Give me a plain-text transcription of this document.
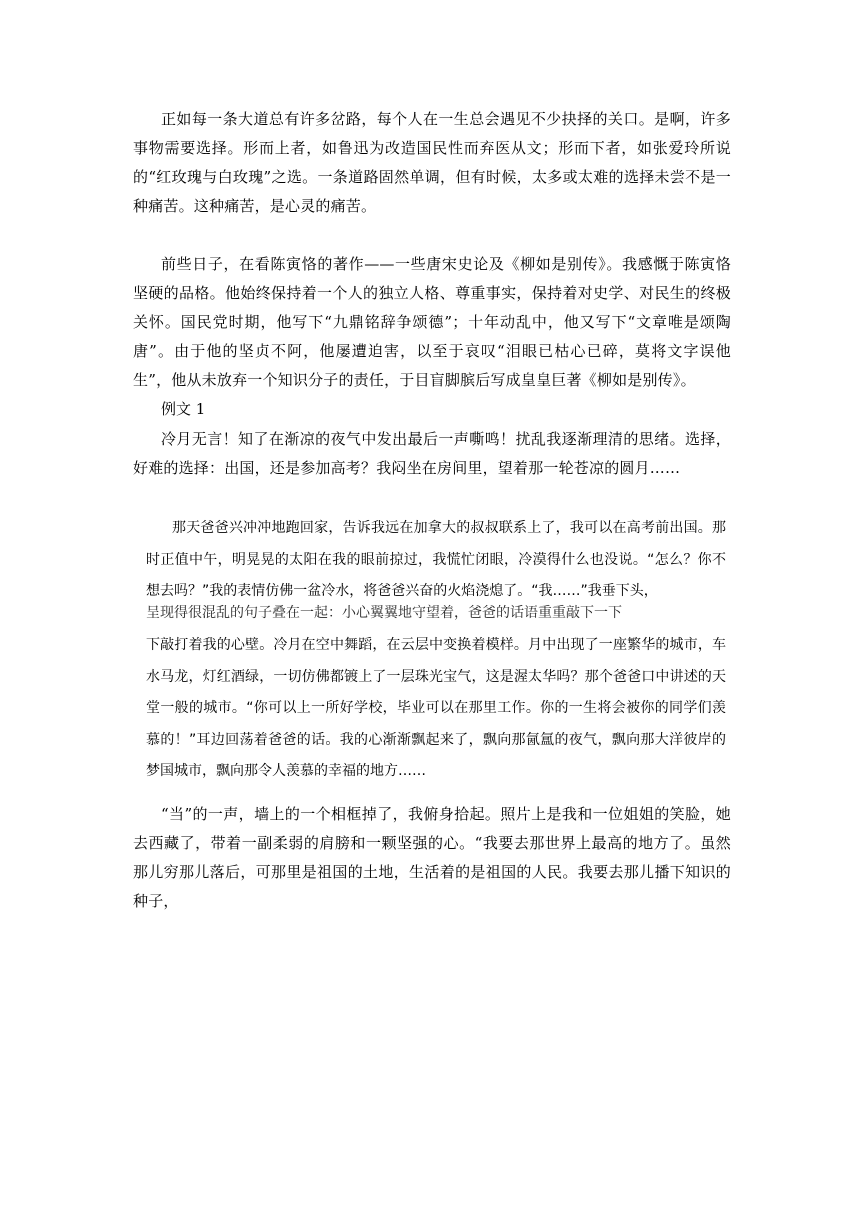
正如每一条大道总有许多岔路，每个人在一生总会遇见不少抉择的关口。是啊，许多事物需要选择。形而上者，如鲁迅为改造国民性而弃医从文；形而下者，如张爱玲所说的“红玫瑰与白玫瑰”之选。一条道路固然单调，但有时候，太多或太难的选择未尝不是一种痛苦。这种痛苦，是心灵的痛苦。

前些日子，在看陈寅恪的著作——一些唐宋史论及《柳如是别传》。我感慨于陈寅恪坚硬的品格。他始终保持着一个人的独立人格、尊重事实，保持着对史学、对民生的终极关怀。国民党时期，他写下“九鼎铭辞争颂德”；十年动乱中，他又写下“文章唯是颂陶唐”。由于他的坚贞不阿，他屡遭迫害，以至于哀叹“泪眼已枯心已碎，莫将文字误他生”，他从未放弃一个知识分子的责任，于目盲脚膑后写成皇皇巨著《柳如是别传》。

例文 1

冷月无言！知了在渐凉的夜气中发出最后一声嘶鸣！扰乱我逐渐理清的思绪。选择，好难的选择：出国，还是参加高考？我闷坐在房间里，望着那一轮苍凉的圆月……

那天爸爸兴冲冲地跑回家，告诉我远在加拿大的叔叔联系上了，我可以在高考前出国。那时正值中午，明晃晃的太阳在我的眼前掠过，我慌忙闭眼，冷漠得什么也没说。“怎么？你不想去吗？”我的表情仿佛一盆冷水，将爸爸兴奋的火焰浇熄了。“我……”我垂下头，

呈现得很混乱的句子叠在一起：小心翼翼地守望着，爸爸的话语重重敲下一下

下敲打着我的心壁。冷月在空中舞蹈，在云层中变换着模样。月中出现了一座繁华的城市，车水马龙，灯红酒绿，一切仿佛都镀上了一层珠光宝气，这是渥太华吗？那个爸爸口中讲述的天堂一般的城市。“你可以上一所好学校，毕业可以在那里工作。你的一生将会被你的同学们羡慕的！”耳边回荡着爸爸的话。我的心渐渐飘起来了，飘向那氤氲的夜气，飘向那大洋彼岸的梦国城市，飘向那令人羡慕的幸福的地方……

“当”的一声，墙上的一个相框掉了，我俯身拾起。照片上是我和一位姐姐的笑脸，她去西藏了，带着一副柔弱的肩膀和一颗坚强的心。“我要去那世界上最高的地方了。虽然那儿穷那儿落后，可那里是祖国的土地，生活着的是祖国的人民。我要去那儿播下知识的种子，
